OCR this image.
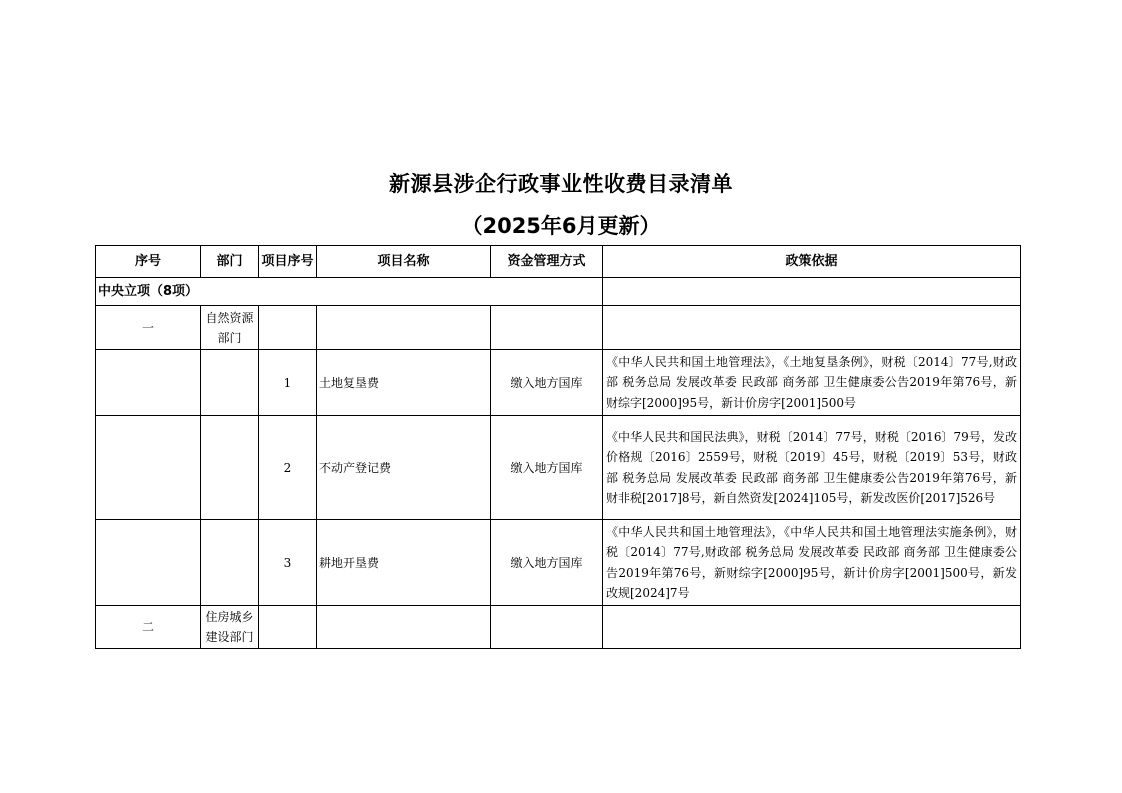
新源县涉企行政事业性收费目录清单
（2025年6月更新）
序号	部门	项目序号	项目名称	资金管理方式	政策依据
中央立项（8项）					
一	自然资源部门				
		1	土地复垦费	缴入地方国库	《中华人民共和国土地管理法》，《土地复垦条例》，财税〔2014〕77号,财政部 税务总局 发展改革委 民政部 商务部 卫生健康委公告2019年第76号，新财综字[2000]95号，新计价房字[2001]500号
		2	不动产登记费	缴入地方国库	《中华人民共和国民法典》，财税〔2014〕77号，财税〔2016〕79号，发改价格规〔2016〕2559号，财税〔2019〕45号，财税〔2019〕53号，财政部 税务总局 发展改革委 民政部 商务部 卫生健康委公告2019年第76号，新财非税[2017]8号，新自然资发[2024]105号，新发改医价[2017]526号
		3	耕地开垦费	缴入地方国库	《中华人民共和国土地管理法》，《中华人民共和国土地管理法实施条例》，财税〔2014〕77号,财政部 税务总局 发展改革委 民政部 商务部 卫生健康委公告2019年第76号，新财综字[2000]95号，新计价房字[2001]500号，新发改规[2024]7号
二	住房城乡建设部门				
